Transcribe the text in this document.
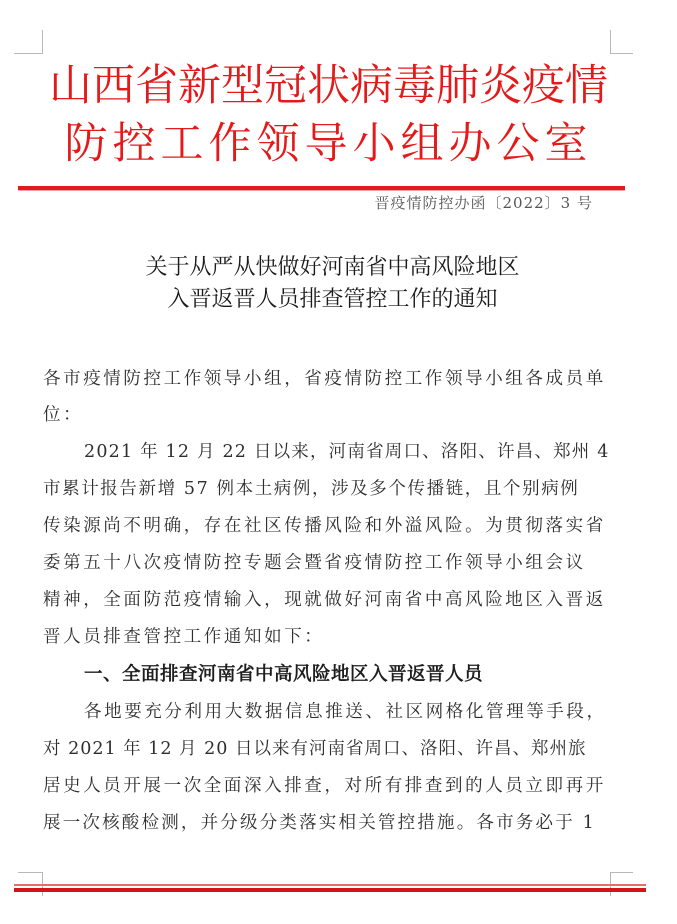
山西省新型冠状病毒肺炎疫情
防控工作领导小组办公室
晋疫情防控办函〔2022〕3 号
关于从严从快做好河南省中高风险地区
入晋返晋人员排查管控工作的通知
各市疫情防控工作领导小组，省疫情防控工作领导小组各成员单
位：
2021 年 12 月 22 日以来，河南省周口、洛阳、许昌、郑州 4
市累计报告新增 57 例本土病例，涉及多个传播链，且个别病例
传染源尚不明确，存在社区传播风险和外溢风险。为贯彻落实省
委第五十八次疫情防控专题会暨省疫情防控工作领导小组会议
精神，全面防范疫情输入，现就做好河南省中高风险地区入晋返
晋人员排查管控工作通知如下：
一、全面排查河南省中高风险地区入晋返晋人员
各地要充分利用大数据信息推送、社区网格化管理等手段，
对 2021 年 12 月 20 日以来有河南省周口、洛阳、许昌、郑州旅
居史人员开展一次全面深入排查，对所有排查到的人员立即再开
展一次核酸检测，并分级分类落实相关管控措施。各市务必于 1
